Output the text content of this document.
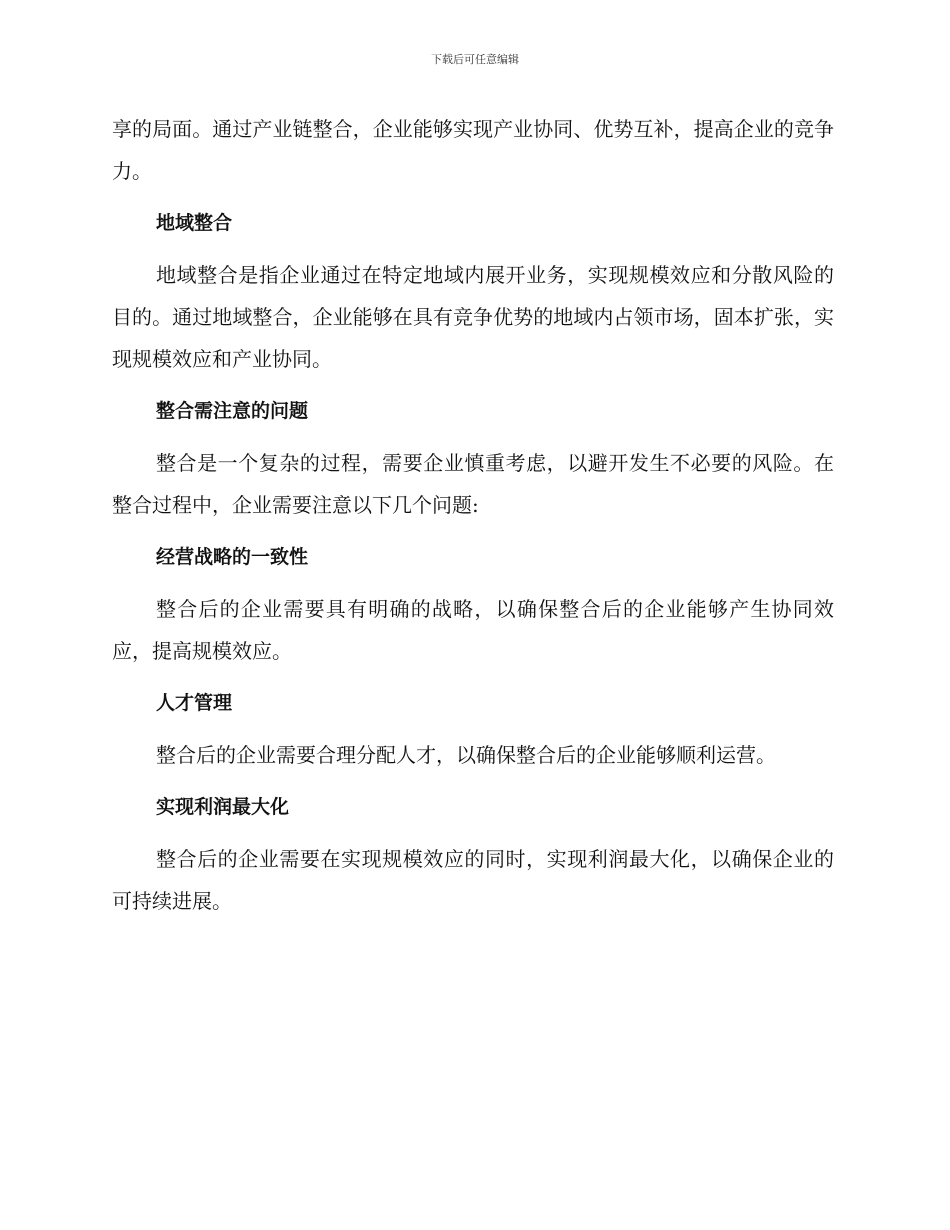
下载后可任意编辑

享的局面。通过产业链整合，企业能够实现产业协同、优势互补，提高企业的竞争力。

地域整合

地域整合是指企业通过在特定地域内展开业务，实现规模效应和分散风险的目的。通过地域整合，企业能够在具有竞争优势的地域内占领市场，固本扩张，实现规模效应和产业协同。

整合需注意的问题

整合是一个复杂的过程，需要企业慎重考虑，以避开发生不必要的风险。在整合过程中，企业需要注意以下几个问题:

经营战略的一致性

整合后的企业需要具有明确的战略，以确保整合后的企业能够产生协同效应，提高规模效应。

人才管理

整合后的企业需要合理分配人才，以确保整合后的企业能够顺利运营。

实现利润最大化

整合后的企业需要在实现规模效应的同时，实现利润最大化，以确保企业的可持续进展。
